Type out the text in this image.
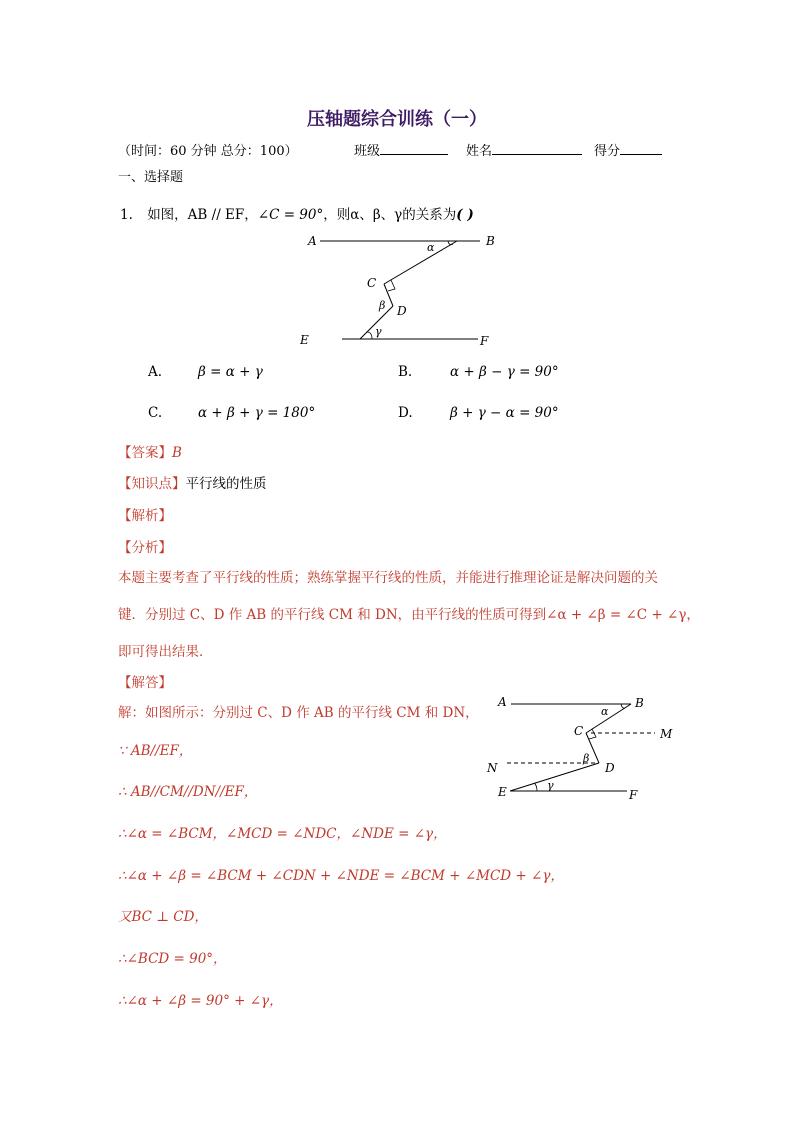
压轴题综合训练（一）
（时间：60 分钟 总分：100）	班级	姓名	得分
一、选择题
1. 如图，AB // EF，∠C = 90°，则α、β、γ的关系为( )
A	B
C
D
E	F
α
β
γ
A.	β = α + γ	B.	α + β − γ = 90°
C.	α + β + γ = 180°	D.	β + γ − α = 90°
【答案】B
【知识点】平行线的性质
【解析】
【分析】
本题主要考查了平行线的性质；熟练掌握平行线的性质，并能进行推理论证是解决问题的关
键．分别过 C、D 作 AB 的平行线 CM 和 DN，由平行线的性质可得到∠α + ∠β = ∠C + ∠γ，
即可得出结果．
【解答】
解：如图所示：分别过 C、D 作 AB 的平行线 CM 和 DN，
∵ AB//EF，
∴ AB//CM//DN//EF，
∴∠α = ∠BCM，∠MCD = ∠NDC，∠NDE = ∠γ，
∴∠α + ∠β = ∠BCM + ∠CDN + ∠NDE = ∠BCM + ∠MCD + ∠γ，
又BC ⊥ CD，
∴∠BCD = 90°，
∴∠α + ∠β = 90° + ∠γ，
A	B
C
D
E	F
M
N
α
β
γ
